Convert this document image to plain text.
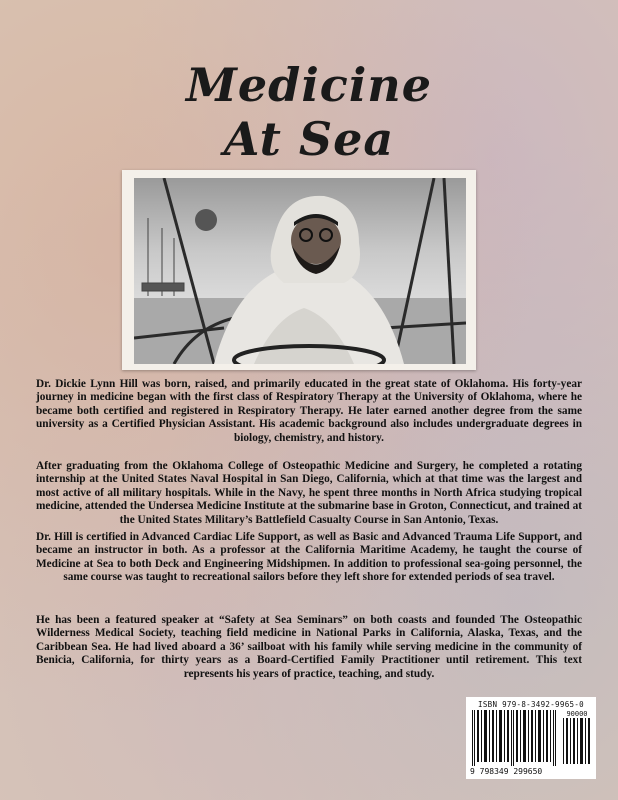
Medicine
At Sea
Dr. Dickie Lynn Hill was born, raised, and primarily educated in the great state of Oklahoma. His forty-year journey in medicine began with the first class of Respiratory Therapy at the University of Oklahoma, where he became both certified and registered in Respiratory Therapy. He later earned another degree from the same university as a Certified Physician Assistant. His academic background also includes undergraduate degrees in biology, chemistry, and history.
After graduating from the Oklahoma College of Osteopathic Medicine and Surgery, he completed a rotating internship at the United States Naval Hospital in San Diego, California, which at that time was the largest and most active of all military hospitals. While in the Navy, he spent three months in North Africa studying tropical medicine, attended the Undersea Medicine Institute at the submarine base in Groton, Connecticut, and trained at the United States Military’s Battlefield Casualty Course in San Antonio, Texas.
Dr. Hill is certified in Advanced Cardiac Life Support, as well as Basic and Advanced Trauma Life Support, and became an instructor in both. As a professor at the California Maritime Academy, he taught the course of Medicine at Sea to both Deck and Engineering Midshipmen. In addition to professional sea-going personnel, the same course was taught to recreational sailors before they left shore for extended periods of sea travel.
He has been a featured speaker at “Safety at Sea Seminars” on both coasts and founded The Osteopathic Wilderness Medical Society, teaching field medicine in National Parks in California, Alaska, Texas, and the Caribbean Sea. He had lived aboard a 36’ sailboat with his family while serving medicine in the community of Benicia, California, for thirty years as a Board-Certified Family Practitioner until retirement. This text represents his years of practice, teaching, and study.
ISBN 979-8-3492-9965-0
90000
9 798349 299650
